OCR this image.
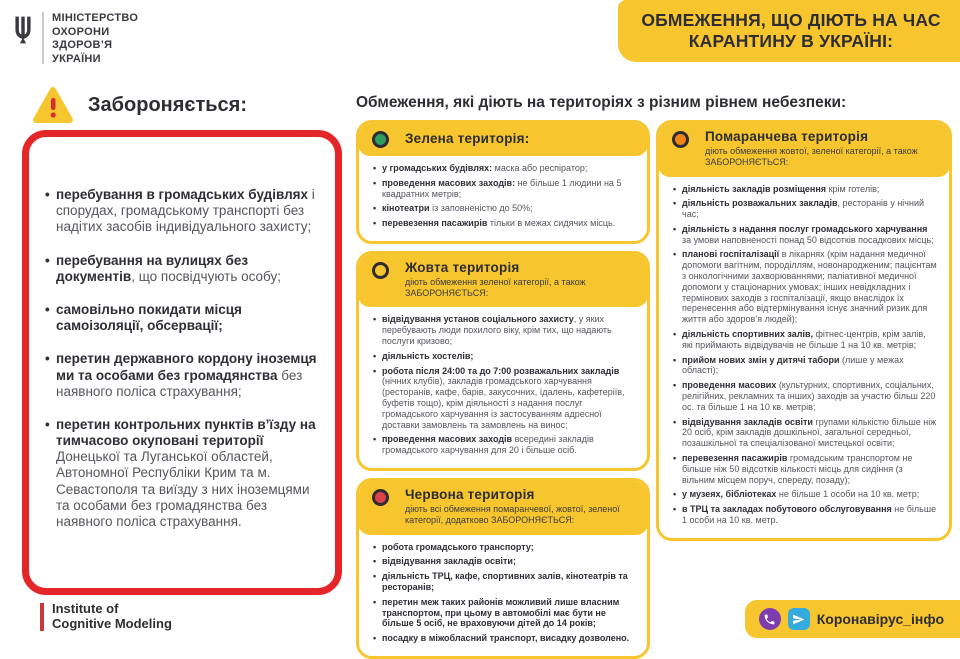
МІНІСТЕРСТВО
ОХОРОНИ
ЗДОРОВ’Я
УКРАЇНИ
ОБМЕЖЕННЯ, ЩО ДІЮТЬ НА ЧАС
КАРАНТИНУ В УКРАЇНІ:
Забороняється:
• перебування в громадських будівлях і спорудах, громадському транспорті без надітих засобів індивідуального захисту;
• перебування на вулицях без документів, що посвідчують особу;
• самовільно покидати місця самоізоляції, обсервації;
• перетин державного кордону іноземця ми та особами без громадянства без наявного поліса страхування;
• перетин контрольних пунктів в’їзду на тимчасово окуповані території Донецької та Луганської областей, Автономної Республіки Крим та м. Севастополя та виїзду з них іноземцями та особами без громадянства без наявного поліса страхування.
Обмеження, які діють на територіях з різним рівнем небезпеки:
Зелена територія:
• у громадських будівлях: маска або респіратор;
• проведення масових заходів: не більше 1 людини на 5 квадратних метрів;
• кінотеатри із заповненістю до 50%;
• перевезення пасажирів тільки в межах сидячих місць.
Жовта територія
діють обмеження зеленої категорії, а також ЗАБОРОНЯЄТЬСЯ:
• відвідування установ соціального захисту, у яких перебувають люди похилого віку, крім тих, що надають послуги кризово;
• діяльність хостелів;
• робота після 24:00 та до 7:00 розважальних закладів (нічних клубів), закладів громадського харчування (ресторанів, кафе, барів, закусочних, їдалень, кафетеріїв, буфетів тощо), крім діяльності з надання послуг громадського харчування із застосуванням адресної доставки замовлень та замовлень на винос;
• проведення масових заходів всередині закладів громадського харчування для 20 і більше осіб.
Червона територія
діють всі обмеження помаранчевої, жовтої, зеленої категорії, додатково ЗАБОРОНЯЄТЬСЯ:
• робота громадського транспорту;
• відвідування закладів освіти;
• діяльність ТРЦ, кафе, спортивних залів, кінотеатрів та ресторанів;
• перетин меж таких районів можливий лише власним транспортом, при цьому в автомобілі має бути не більше 5 осіб, не враховуючи дітей до 14 років;
• посадку в міжобласний транспорт, висадку дозволено.
Помаранчева територія
діють обмеження жовтої, зеленої категорії, а також ЗАБОРОНЯЄТЬСЯ:
• діяльність закладів розміщення крім готелів;
• діяльність розважальних закладів, ресторанів у нічний час;
• діяльність з надання послуг громадського харчування за умови наповненості понад 50 відсотків посадкових місць;
• планові госпіталізації в лікарнях (крім надання медичної допомоги вагітним, породіллям, новонародженим; пацієнтам з онкологічними захворюваннями; паліативної медичної допомоги у стаціонарних умовах; інших невідкладних і термінових заходів з госпіталізації, якщо внаслідок їх перенесення або відтермінування існує значний ризик для життя або здоров’я людей);
• діяльність спортивних залів, фітнес-центрів, крім залів, які приймають відвідувачів не більше 1 на 10 кв. метрів;
• прийом нових змін у дитячі табори (лише у межах області);
• проведення масових (культурних, спортивних, соціальних, релігійних, рекламних та інших) заходів за участю більш 220 ос. та більше 1 на 10 кв. метрів;
• відвідування закладів освіти групами кількістю більше ніж 20 осіб, крім закладів дошкільної, загальної середньої, позашкільної та спеціалізованої мистецької освіти;
• перевезення пасажирів громадським транспортом не більше ніж 50 відсотків кількості місць для сидіння (з вільним місцем поруч, спереду, позаду);
• у музеях, бібліотеках не більше 1 особи на 10 кв. метр;
• в ТРЦ та закладах побутового обслуговування не більше 1 особи на 10 кв. метр.
Institute of
Cognitive Modeling	Коронавірус_інфо
